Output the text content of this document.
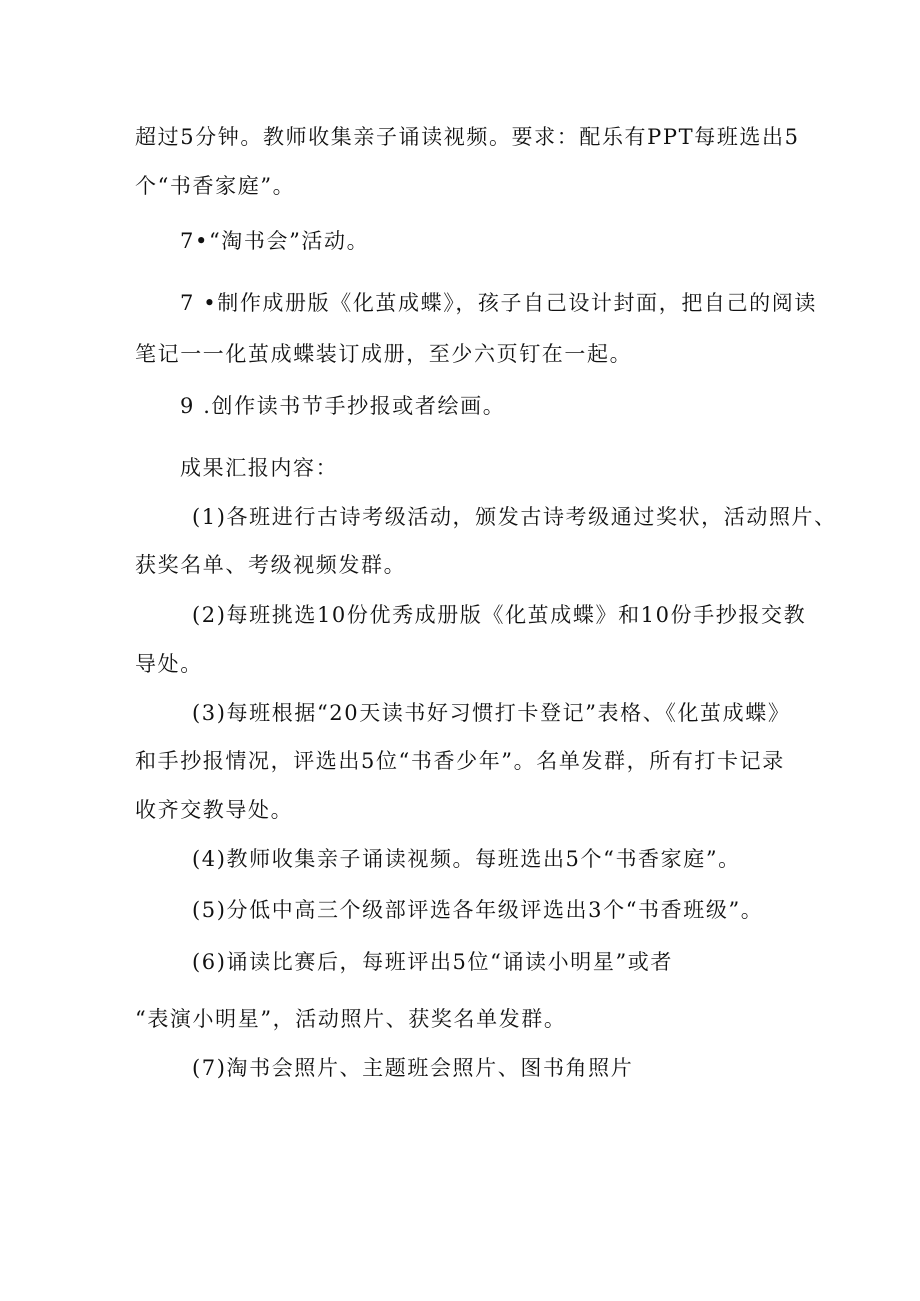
超过5分钟。教师收集亲子诵读视频。要求：配乐有PPT每班选出5
个“书香家庭”。
7•“淘书会”活动。
7 •制作成册版《化茧成蝶》，孩子自己设计封面，把自己的阅读
笔记一一化茧成蝶装订成册，至少六页钉在一起。
9 .创作读书节手抄报或者绘画。
成果汇报内容：
(1)各班进行古诗考级活动，颁发古诗考级通过奖状，活动照片、
获奖名单、考级视频发群。
(2)每班挑选10份优秀成册版《化茧成蝶》和10份手抄报交教
导处。
(3)每班根据“20天读书好习惯打卡登记”表格、《化茧成蝶》
和手抄报情况，评选出5位“书香少年”。名单发群，所有打卡记录
收齐交教导处。
(4)教师收集亲子诵读视频。每班选出5个“书香家庭”。
(5)分低中高三个级部评选各年级评选出3个“书香班级”。
(6)诵读比赛后，每班评出5位“诵读小明星”或者
“表演小明星”，活动照片、获奖名单发群。
(7)淘书会照片、主题班会照片、图书角照片
